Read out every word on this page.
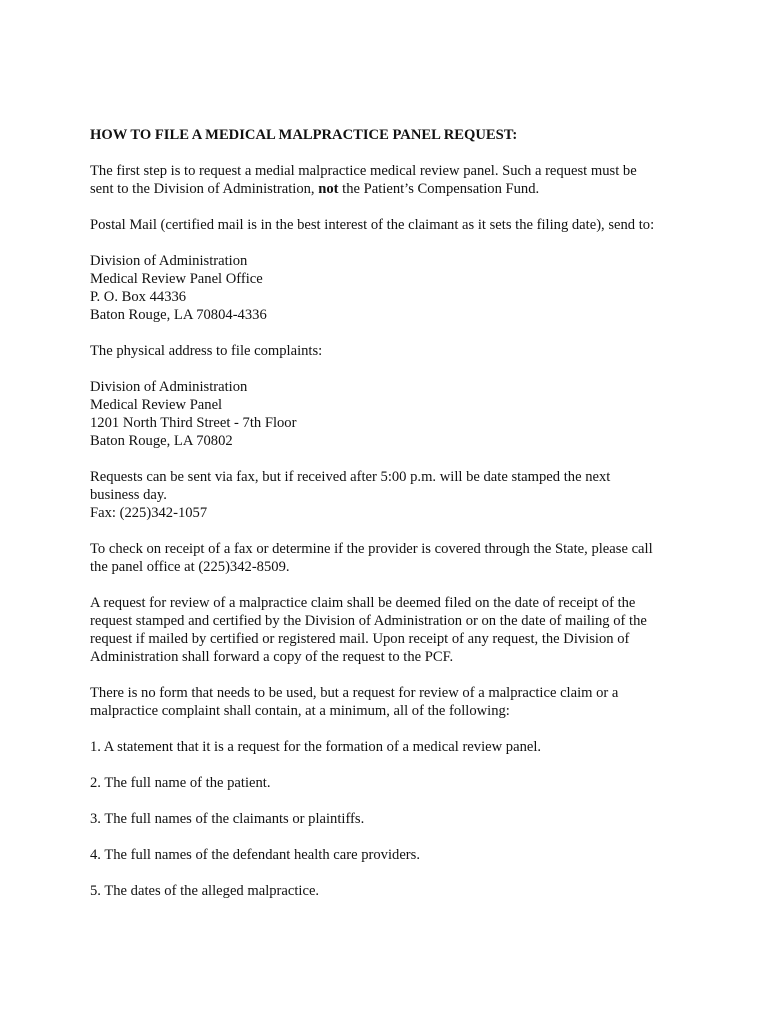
HOW TO FILE A MEDICAL MALPRACTICE PANEL REQUEST:
The first step is to request a medial malpractice medical review panel. Such a request must be
sent to the Division of Administration, not the Patient’s Compensation Fund.
Postal Mail (certified mail is in the best interest of the claimant as it sets the filing date), send to:
Division of Administration
Medical Review Panel Office
P. O. Box 44336
Baton Rouge, LA 70804-4336
The physical address to file complaints:
Division of Administration
Medical Review Panel
1201 North Third Street - 7th Floor
Baton Rouge, LA 70802
Requests can be sent via fax, but if received after 5:00 p.m. will be date stamped the next
business day.
Fax: (225)342-1057
To check on receipt of a fax or determine if the provider is covered through the State, please call
the panel office at (225)342-8509.
A request for review of a malpractice claim shall be deemed filed on the date of receipt of the
request stamped and certified by the Division of Administration or on the date of mailing of the
request if mailed by certified or registered mail. Upon receipt of any request, the Division of
Administration shall forward a copy of the request to the PCF.
There is no form that needs to be used, but a request for review of a malpractice claim or a
malpractice complaint shall contain, at a minimum, all of the following:
1. A statement that it is a request for the formation of a medical review panel.
2. The full name of the patient.
3. The full names of the claimants or plaintiffs.
4. The full names of the defendant health care providers.
5. The dates of the alleged malpractice.
